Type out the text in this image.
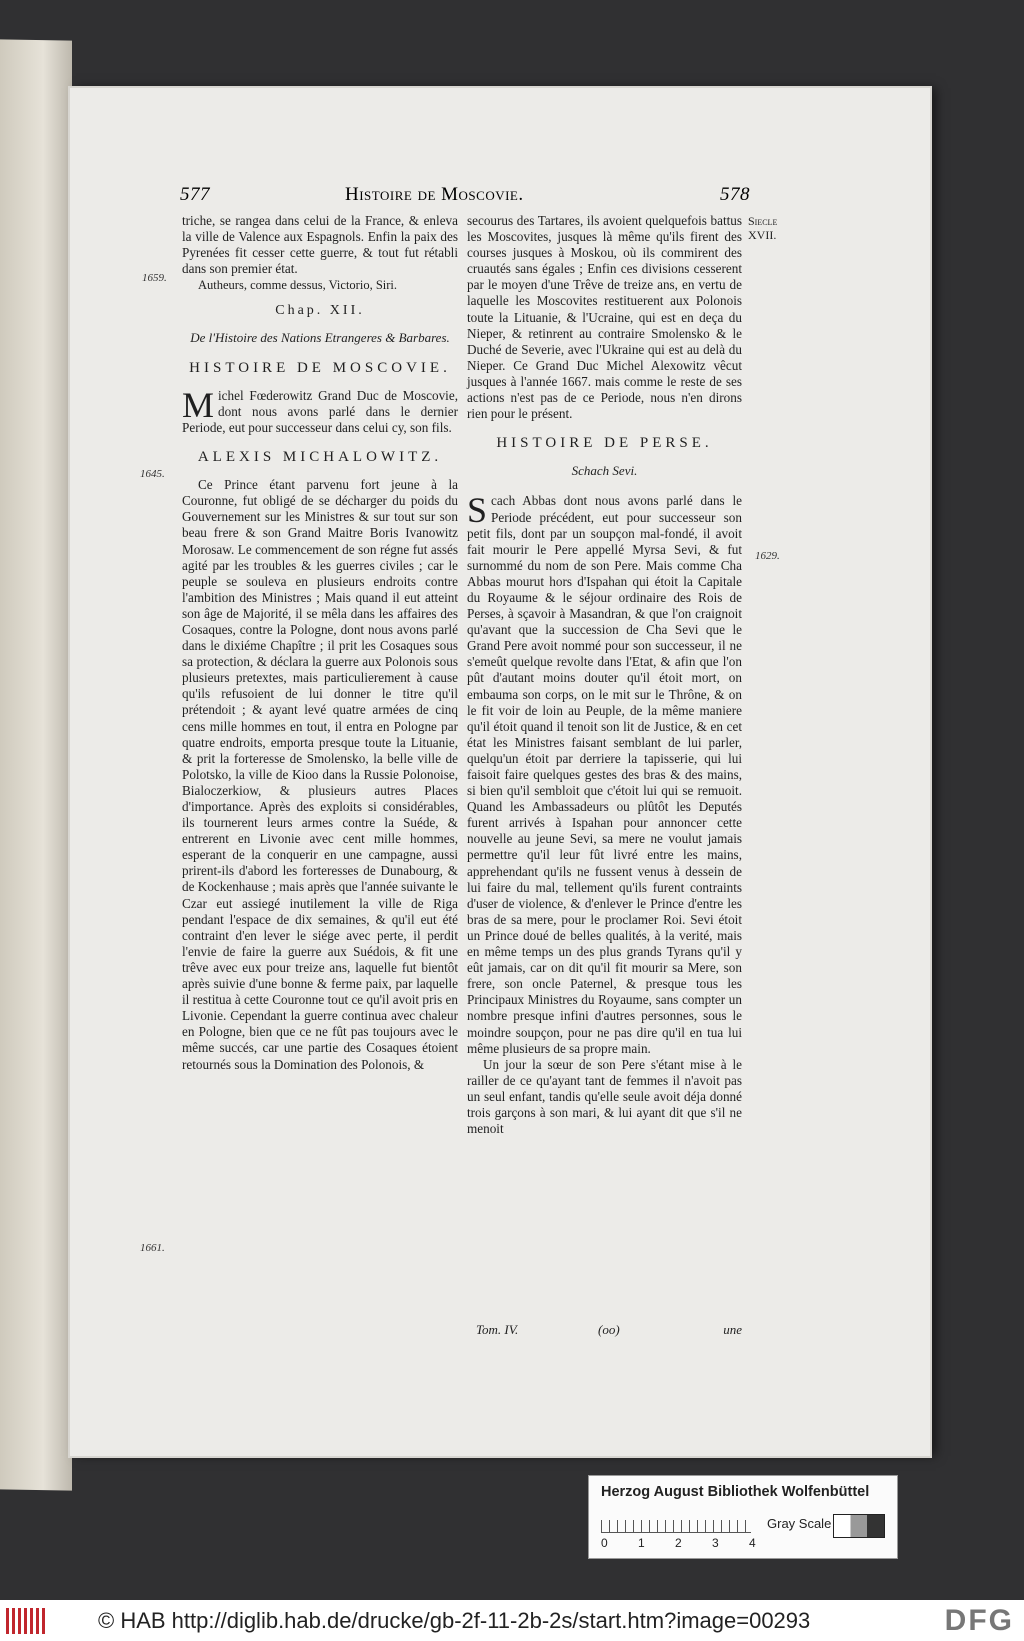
577	Histoire de Moscovie.	578
Siecle
XVII.
1659.
1645.
1661.
1629.

triche, se rangea dans celui de la France, & enleva la ville de Valence aux Espagnols. Enfin la paix des Pyrenées fit cesser cette guerre, & tout fut rétabli dans son premier état.

Autheurs, comme dessus, Victorio, Siri.

Chap. XII.
De l'Histoire des Nations Etrangeres & Barbares.
HISTOIRE DE MOSCOVIE.

Michel Fœderowitz Grand Duc de Moscovie, dont nous avons parlé dans le dernier Periode, eut pour successeur dans celui cy, son fils.

ALEXIS MICHALOWITZ.

Ce Prince étant parvenu fort jeune à la Couronne, fut obligé de se décharger du poids du Gouvernement sur les Ministres & sur tout sur son beau frere & son Grand Maitre Boris Ivanowitz Morosaw. Le commencement de son régne fut assés agité par les troubles & les guerres civiles ; car le peuple se souleva en plusieurs endroits contre l'ambition des Ministres ; Mais quand il eut atteint son âge de Majorité, il se mêla dans les affaires des Cosaques, contre la Pologne, dont nous avons parlé dans le dixiéme Chapître ; il prit les Cosaques sous sa protection, & déclara la guerre aux Polonois sous plusieurs pretextes, mais particulierement à cause qu'ils refusoient de lui donner le titre qu'il prétendoit ; & ayant levé quatre armées de cinq cens mille hommes en tout, il entra en Pologne par quatre endroits, emporta presque toute la Lituanie, & prit la forteresse de Smolensko, la belle ville de Polotsko, la ville de Kioo dans la Russie Polonoise, Bialoczerkiow, & plusieurs autres Places d'importance. Après des exploits si considérables, ils tournerent leurs armes contre la Suéde, & entrerent en Livonie avec cent mille hommes, esperant de la conquerir en une campagne, aussi prirent-ils d'abord les forteresses de Dunabourg, & de Kockenhause ; mais après que l'année suivante le Czar eut assiegé inutilement la ville de Riga pendant l'espace de dix semaines, & qu'il eut été contraint d'en lever le siége avec perte, il perdit l'envie de faire la guerre aux Suédois, & fit une trêve avec eux pour treize ans, laquelle fut bientôt après suivie d'une bonne & ferme paix, par laquelle il restitua à cette Couronne tout ce qu'il avoit pris en Livonie. Cependant la guerre continua avec chaleur en Pologne, bien que ce ne fût pas toujours avec le même succés, car une partie des Cosaques étoient retournés sous la Domination des Polonois, &

secourus des Tartares, ils avoient quelquefois battus les Moscovites, jusques là même qu'ils firent des courses jusques à Moskou, où ils commirent des cruautés sans égales ; Enfin ces divisions cesserent par le moyen d'une Trêve de treize ans, en vertu de laquelle les Moscovites restituerent aux Polonois toute la Lituanie, & l'Ucraine, qui est en deça du Nieper, & retinrent au contraire Smolensko & le Duché de Severie, avec l'Ukraine qui est au delà du Nieper. Ce Grand Duc Michel Alexowitz vêcut jusques à l'année 1667. mais comme le reste de ses actions n'est pas de ce Periode, nous n'en dirons rien pour le présent.

HISTOIRE DE PERSE.
Schach Sevi.

Scach Abbas dont nous avons parlé dans le Periode précédent, eut pour successeur son petit fils, dont par un soupçon mal-fondé, il avoit fait mourir le Pere appellé Myrsa Sevi, & fut surnommé du nom de son Pere. Mais comme Cha Abbas mourut hors d'Ispahan qui étoit la Capitale du Royaume & le séjour ordinaire des Rois de Perses, à sçavoir à Masandran, & que l'on craignoit qu'avant que la succession de Cha Sevi que le Grand Pere avoit nommé pour son successeur, il ne s'emeût quelque revolte dans l'Etat, & afin que l'on pût d'autant moins douter qu'il étoit mort, on embauma son corps, on le mit sur le Thrône, & on le fit voir de loin au Peuple, de la même maniere qu'il étoit quand il tenoit son lit de Justice, & en cet état les Ministres faisant semblant de lui parler, quelqu'un étoit par derriere la tapisserie, qui lui faisoit faire quelques gestes des bras & des mains, si bien qu'il sembloit que c'étoit lui qui se remuoit. Quand les Ambassadeurs ou plûtôt les Deputés furent arrivés à Ispahan pour annoncer cette nouvelle au jeune Sevi, sa mere ne voulut jamais permettre qu'il leur fût livré entre les mains, apprehendant qu'ils ne fussent venus à dessein de lui faire du mal, tellement qu'ils furent contraints d'user de violence, & d'enlever le Prince d'entre les bras de sa mere, pour le proclamer Roi. Sevi étoit un Prince doué de belles qualités, à la verité, mais en même temps un des plus grands Tyrans qu'il y eût jamais, car on dit qu'il fit mourir sa Mere, son frere, son oncle Paternel, & presque tous les Principaux Ministres du Royaume, sans compter un nombre presque infini d'autres personnes, sous le moindre soupçon, pour ne pas dire qu'il en tua lui même plusieurs de sa propre main.

Un jour la sœur de son Pere s'étant mise à le railler de ce qu'ayant tant de femmes il n'avoit pas un seul enfant, tandis qu'elle seule avoit déja donné trois garçons à son mari, & lui ayant dit que s'il ne menoit

Tom. IV.	(oo)	une
Herzog August Bibliothek Wolfenbüttel
0	1	2	3	4
Gray Scale
© HAB http://diglib.hab.de/drucke/gb-2f-11-2b-2s/start.htm?image=00293	DFG
